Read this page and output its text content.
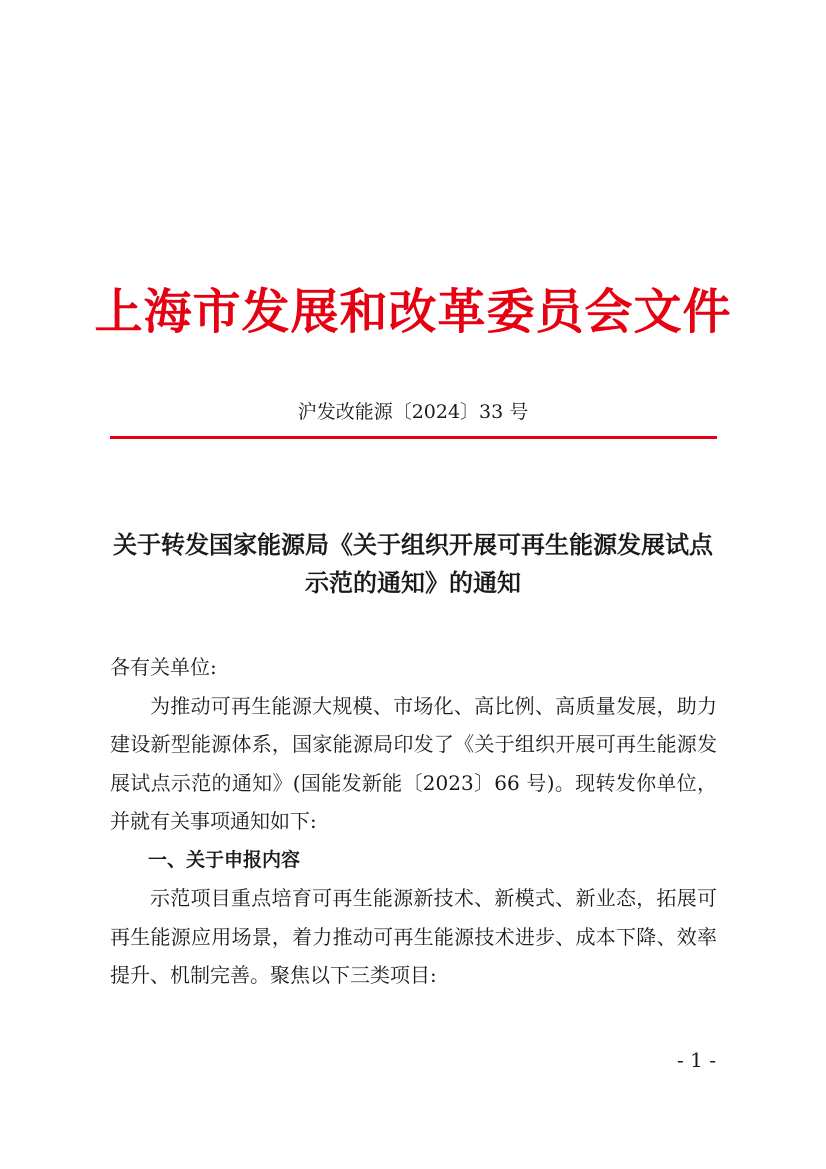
上海市发展和改革委员会文件
沪发改能源〔2024〕33 号
关于转发国家能源局《关于组织开展可再生能源发展试点
示范的通知》的通知

各有关单位:

为推动可再生能源大规模、市场化、高比例、高质量发展，助力建设新型能源体系，国家能源局印发了《关于组织开展可再生能源发展试点示范的通知》(国能发新能〔2023〕66 号)。现转发你单位，并就有关事项通知如下:

一、关于申报内容

示范项目重点培育可再生能源新技术、新模式、新业态，拓展可再生能源应用场景，着力推动可再生能源技术进步、成本下降、效率提升、机制完善。聚焦以下三类项目:

- 1 -
